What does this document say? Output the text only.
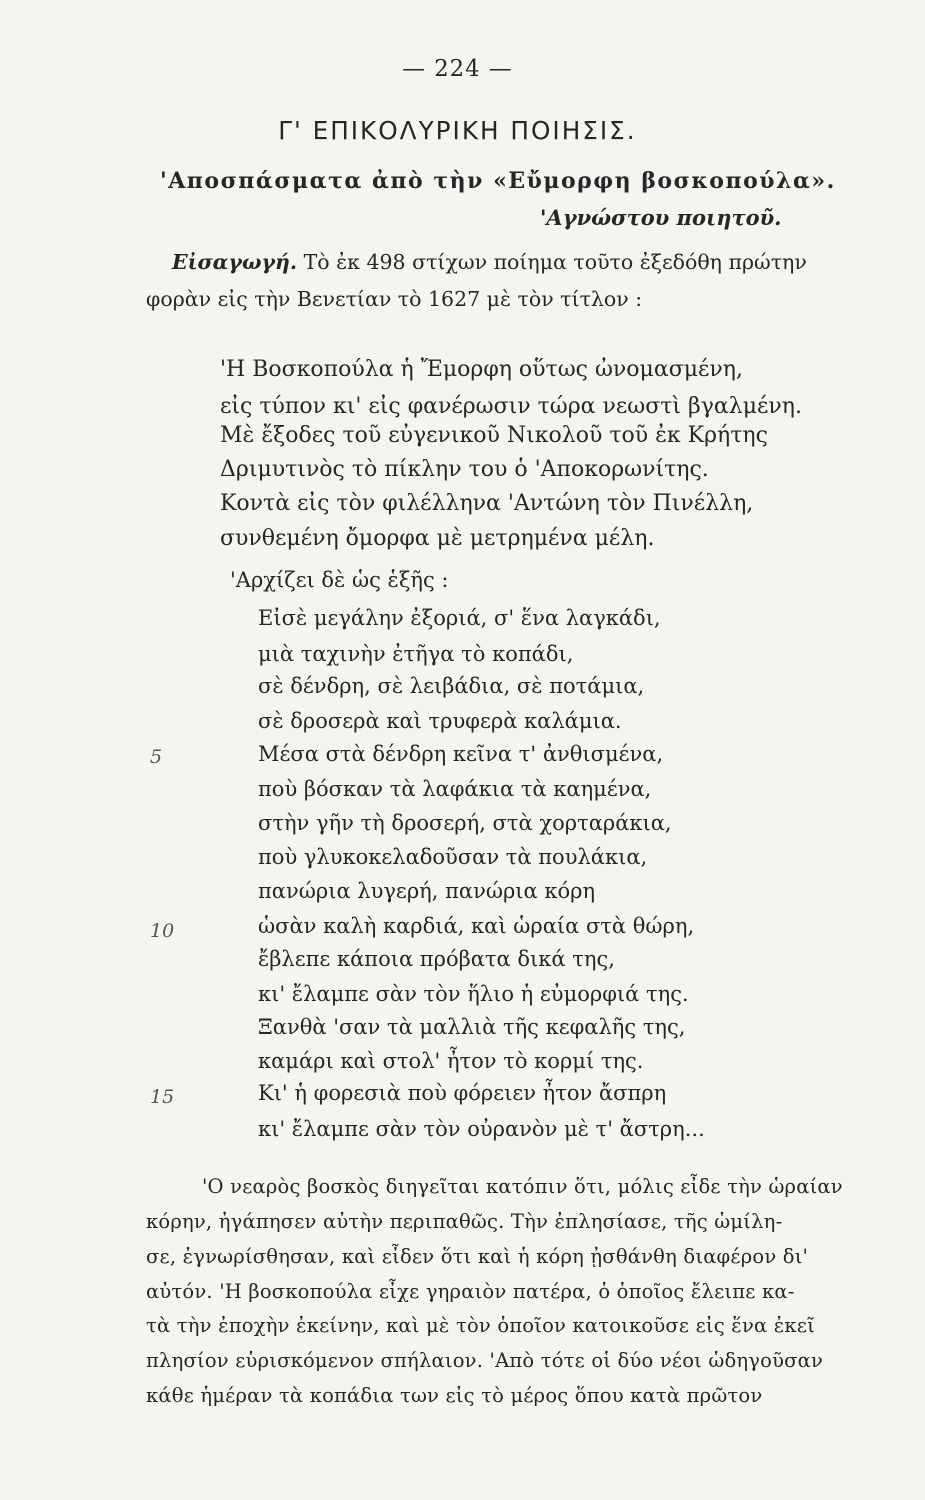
— 224 —
Γ' ΕΠΙΚΟΛΥΡΙΚΗ ΠΟΙΗΣΙΣ.
'Αποσπάσματα ἀπὸ τὴν «Εὔμορφη βοσκοπούλα».
'Αγνώστου ποιητοῦ.
Εἰσαγωγή. Τὸ ἐκ 498 στίχων ποίημα τοῦτο ἐξεδόθη πρώτην
φορὰν εἰς τὴν Βενετίαν τὸ 1627 μὲ τὸν τίτλον :
'Η Βοσκοπούλα ἡ Ἔμορφη οὕτως ὠνομασμένη,
εἰς τύπον κι' εἰς φανέρωσιν τώρα νεωστὶ βγαλμένη.
Μὲ ἔξοδες τοῦ εὐγενικοῦ Νικολοῦ τοῦ ἐκ Κρήτης
Δριμυτινὸς τὸ πίκλην του ὁ 'Αποκορωνίτης.
Κοντὰ εἰς τὸν φιλέλληνα 'Αντώνη τὸν Πινέλλη,
συνθεμένη ὄμορφα μὲ μετρημένα μέλη.
'Αρχίζει δὲ ὡς ἑξῆς :
Εἰσὲ μεγάλην ἐξοριά, σ' ἕνα λαγκάδι,
μιὰ ταχινὴν ἐτῆγα τὸ κοπάδι,
σὲ δένδρη, σὲ λειβάδια, σὲ ποτάμια,
σὲ δροσερὰ καὶ τρυφερὰ καλάμια.
Μέσα στὰ δένδρη κεῖνα τ' ἀνθισμένα,
ποὺ βόσκαν τὰ λαφάκια τὰ καημένα,
στὴν γῆν τὴ δροσερή, στὰ χορταράκια,
ποὺ γλυκοκελαδοῦσαν τὰ πουλάκια,
πανώρια λυγερή, πανώρια κόρη
ὡσὰν καλὴ καρδιά, καὶ ὡραία στὰ θώρη,
ἔβλεπε κάποια πρόβατα δικά της,
κι' ἔλαμπε σὰν τὸν ἥλιο ἡ εὐμορφιά της.
Ξανθὰ 'σαν τὰ μαλλιὰ τῆς κεφαλῆς της,
καμάρι καὶ στολ' ἦτον τὸ κορμί της.
Κι' ἡ φορεσιὰ ποὺ φόρειεν ἦτον ἄσπρη
κι' ἔλαμπε σὰν τὸν οὐρανὸν μὲ τ' ἄστρη...
5
10
15
'Ο νεαρὸς βοσκὸς διηγεῖται κατόπιν ὅτι, μόλις εἶδε τὴν ὡραίαν
κόρην, ἠγάπησεν αὐτὴν περιπαθῶς. Τὴν ἐπλησίασε, τῆς ὡμίλη-
σε, ἐγνωρίσθησαν, καὶ εἶδεν ὅτι καὶ ἡ κόρη ᾐσθάνθη διαφέρον δι'
αὐτόν. 'Η βοσκοπούλα εἶχε γηραιὸν πατέρα, ὁ ὁποῖος ἔλειπε κα-
τὰ τὴν ἐποχὴν ἐκείνην, καὶ μὲ τὸν ὁποῖον κατοικοῦσε εἰς ἕνα ἐκεῖ
πλησίον εὑρισκόμενον σπήλαιον. 'Απὸ τότε οἱ δύο νέοι ὡδηγοῦσαν
κάθε ἡμέραν τὰ κοπάδια των εἰς τὸ μέρος ὅπου κατὰ πρῶτον
